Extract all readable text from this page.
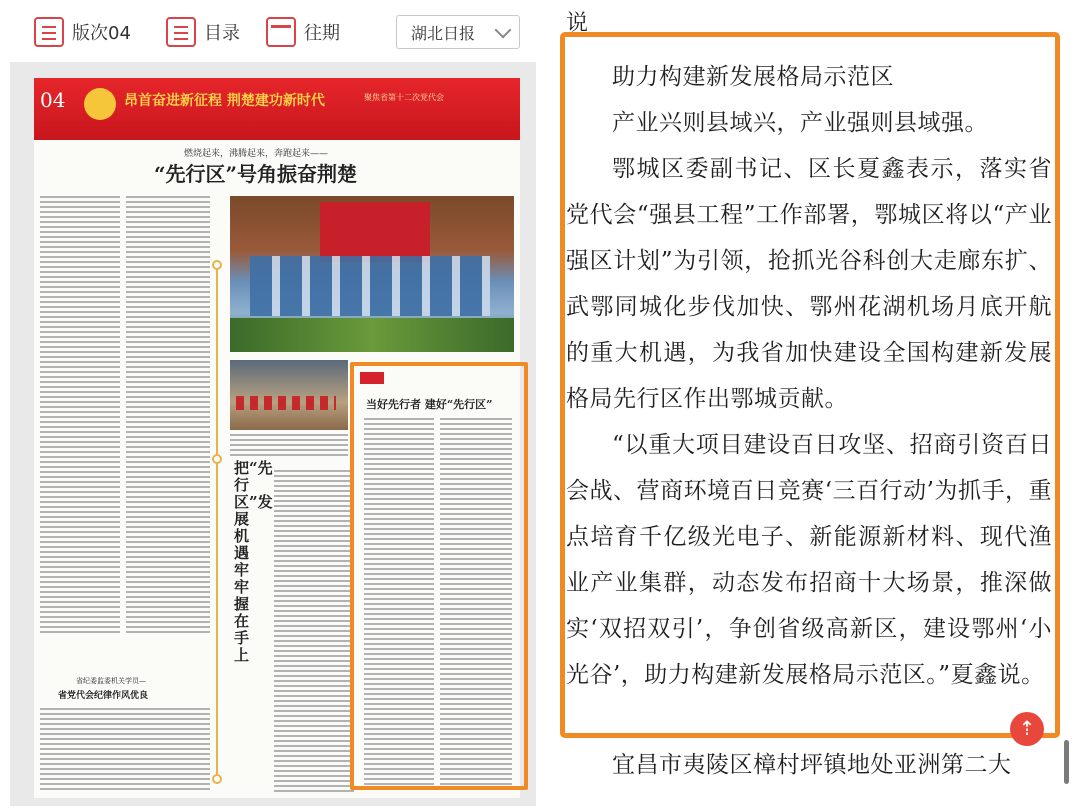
版次04	目录	往期	湖北日报
04	昂首奋进新征程 荆楚建功新时代	聚焦省第十二次党代会
燃烧起来，沸腾起来，奔跑起来——
“先行区”号角振奋荆楚
省纪委监委机关学员—
省党代会纪律作风优良
把“先行区”发展机遇牢牢握在手上
当好先行者 建好“先行区”
说

助力构建新发展格局示范区

产业兴则县域兴，产业强则县域强。

鄂城区委副书记、区长夏鑫表示，落实省党代会“强县工程”工作部署，鄂城区将以“产业强区计划”为引领，抢抓光谷科创大走廊东扩、武鄂同城化步伐加快、鄂州花湖机场月底开航的重大机遇，为我省加快建设全国构建新发展格局先行区作出鄂城贡献。

“以重大项目建设百日攻坚、招商引资百日会战、营商环境百日竞赛‘三百行动’为抓手，重点培育千亿级光电子、新能源新材料、现代渔业产业集群，动态发布招商十大场景，推深做实‘双招双引’，争创省级高新区，建设鄂州‘小光谷’，助力构建新发展格局示范区。”夏鑫说。

宜昌市夷陵区樟村坪镇地处亚洲第二大
⇡
